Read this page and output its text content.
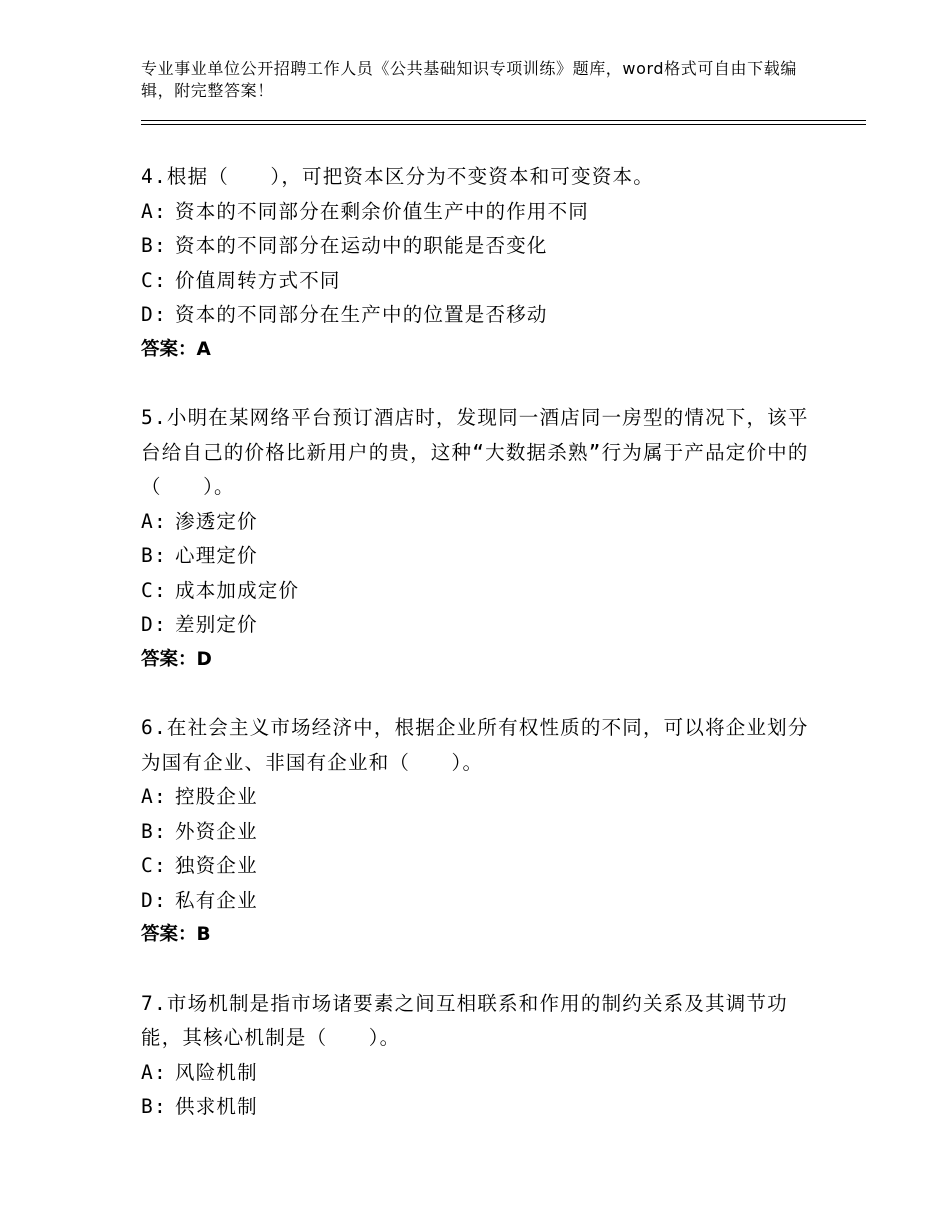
专业事业单位公开招聘工作人员《公共基础知识专项训练》题库，word格式可自由下载编辑，附完整答案！
4.根据（　　），可把资本区分为不变资本和可变资本。
A: 资本的不同部分在剩余价值生产中的作用不同
B: 资本的不同部分在运动中的职能是否变化
C: 价值周转方式不同
D: 资本的不同部分在生产中的位置是否移动
答案：A
5.小明在某网络平台预订酒店时，发现同一酒店同一房型的情况下，该平台给自己的价格比新用户的贵，这种“大数据杀熟”行为属于产品定价中的（　　）。
A: 渗透定价
B: 心理定价
C: 成本加成定价
D: 差别定价
答案：D
6.在社会主义市场经济中，根据企业所有权性质的不同，可以将企业划分为国有企业、非国有企业和（　　）。
A: 控股企业
B: 外资企业
C: 独资企业
D: 私有企业
答案：B
7.市场机制是指市场诸要素之间互相联系和作用的制约关系及其调节功能，其核心机制是（　　）。
A: 风险机制
B: 供求机制
